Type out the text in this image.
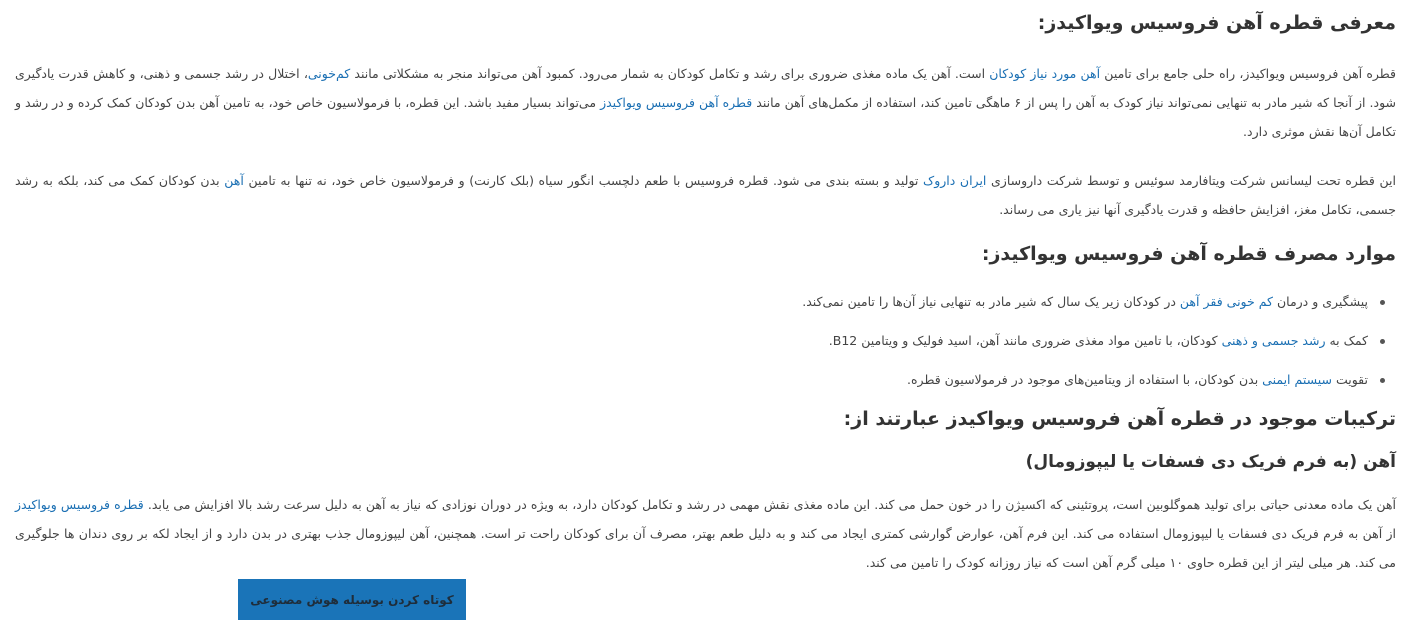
معرفی قطره آهن فروسیس ویواکیدز:

قطره آهن فروسیس ویواکیدز، راه حلی جامع برای تامین آهن مورد نیاز کودکان است. آهن یک ماده مغذی ضروری برای رشد و تکامل کودکان به شمار می‌رود. کمبود آهن می‌تواند منجر به مشکلاتی مانند کم‌خونی، اختلال در رشد جسمی و ذهنی، و کاهش قدرت یادگیری شود. از آنجا که شیر مادر به تنهایی نمی‌تواند نیاز کودک به آهن را پس از ۶ ماهگی تامین کند، استفاده از مکمل‌های آهن مانند قطره آهن فروسیس ویواکیدز می‌تواند بسیار مفید باشد. این قطره، با فرمولاسیون خاص خود، به تامین آهن بدن کودکان کمک کرده و در رشد و تکامل آن‌ها نقش موثری دارد.

این قطره تحت لیسانس شرکت ویتافارمد سوئیس و توسط شرکت داروسازی ایران داروک تولید و بسته بندی می شود. قطره فروسیس با طعم دلچسب انگور سیاه (بلک کارنت) و فرمولاسیون خاص خود، نه تنها به تامین آهن بدن کودکان کمک می کند، بلکه به رشد جسمی، تکامل مغز، افزایش حافظه و قدرت یادگیری آنها نیز یاری می رساند.

موارد مصرف قطره آهن فروسیس ویواکیدز:
پیشگیری و درمان کم خونی فقر آهن در کودکان زیر یک سال که شیر مادر به تنهایی نیاز آن‌ها را تامین نمی‌کند.
کمک به رشد جسمی و ذهنی کودکان، با تامین مواد مغذی ضروری مانند آهن، اسید فولیک و ویتامین B12.
تقویت سیستم ایمنی بدن کودکان، با استفاده از ویتامین‌های موجود در فرمولاسیون قطره.
ترکیبات موجود در قطره آهن فروسیس ویواکیدز عبارتند از:
آهن (به فرم فریک دی فسفات یا لیپوزومال)

آهن یک ماده معدنی حیاتی برای تولید هموگلوبین است، پروتئینی که اکسیژن را در خون حمل می کند. این ماده مغذی نقش مهمی در رشد و تکامل کودکان دارد، به ویژه در دوران نوزادی که نیاز به آهن به دلیل سرعت رشد بالا افزایش می یابد. قطره فروسیس ویواکیدز از آهن به فرم فریک دی فسفات یا لیپوزومال استفاده می کند. این فرم آهن، عوارض گوارشی کمتری ایجاد می کند و به دلیل طعم بهتر، مصرف آن برای کودکان راحت تر است. همچنین، آهن لیپوزومال جذب بهتری در بدن دارد و از ایجاد لکه بر روی دندان ها جلوگیری می کند. هر میلی لیتر از این قطره حاوی ۱۰ میلی گرم آهن است که نیاز روزانه کودک را تامین می کند.

کوتاه کردن بوسیله هوش مصنوعی
